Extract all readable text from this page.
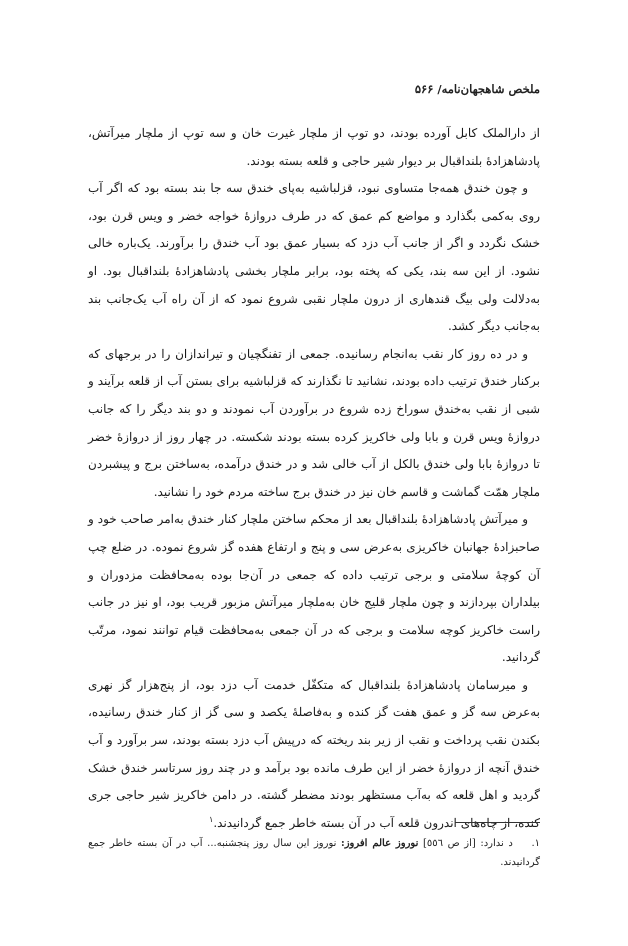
ملخص شاهجهان‌نامه/ ۵۶۶

از دارالملک کابل آورده بودند، دو توپ از ملچار غیرت خان و سه توپ از ملچار میرآتش، پادشاهزادهٔ بلنداقبال بر دیوار شیر حاجی و قلعه بسته بودند.

و چون خندق همه‌جا متساوی نبود، قزلباشیه به‌پای خندق سه جا بند بسته بود که اگر آب روی به‌کمی بگذارد و مواضع کم عمق که در طرف دروازهٔ خواجه خضر و ویس قرن بود، خشک نگردد و اگر از جانب آب دزد که بسیار عمق بود آب خندق را برآورند. یک‌باره خالی نشود. از این سه بند، یکی که پخته بود، برابر ملچار بخشی پادشاهزادهٔ بلنداقبال بود. او به‌دلالت ولی بیگ قندهاری از درون ملچار نقبی شروع نمود که از آن راه آب یک‌جانب بند به‌جانب دیگر کشد.

و در ده روز کار نقب به‌انجام رسانیده. جمعی از تفنگچیان و تیراندازان را در برجهای که برکنار خندق ترتیب داده بودند، نشانید تا نگذارند که قزلباشیه برای بستن آب از قلعه برآیند و شبی از نقب به‌خندق سوراخ زده شروع در برآوردن آب نمودند و دو بند دیگر را که جانب دروازهٔ ویس قرن و بابا ولی خاکریز کرده بسته بودند شکسته. در چهار روز از دروازهٔ خضر تا دروازهٔ بابا ولی خندق بالکل از آب خالی شد و در خندق درآمده، به‌ساختن برج و پیشبردن ملچار همّت گماشت و قاسم خان نیز در خندق برج ساخته مردم خود را نشانید.

و میرآتش پادشاهزادهٔ بلنداقبال بعد از محکم ساختن ملچار کنار خندق به‌امر صاحب خود و صاحبزادهٔ جهانبان خاکریزی به‌عرض سی و پنج و ارتفاع هفده گز شروع نموده. در ضلع چپ آن کوچهٔ سلامتی و برجی ترتیب داده که جمعی در آن‌جا بوده به‌محافظت مزدوران و بیلداران بپردازند و چون ملچار قلیج خان به‌ملچار میرآتش مزبور قریب بود، او نیز در جانب راست خاکریز کوچه سلامت و برجی که در آن جمعی به‌محافظت قیام توانند نمود، مرتّب گردانید.

و میرسامان پادشاهزادهٔ بلنداقبال که متکفّل خدمت آب دزد بود، از پنج‌هزار گز نهری به‌عرض سه گز و عمق هفت گز کنده و به‌فاصلهٔ یکصد و سی گز از کنار خندق رسانیده، بکندن نقب پرداخت و نقب از زیر بند ریخته که درپیش آب دزد بسته بودند، سر برآورد و آب خندق آنچه از دروازهٔ خضر از این طرف مانده بود برآمد و در چند روز سرتاسر خندق خشک گردید و اهل قلعه که به‌آب مستظهر بودند مضطر گشته. در دامن خاکریز شیر حاجی جری کنده، از چاه‌های اندرون قلعه آب در آن بسته خاطر جمع گردانیدند.$^۱$

۱. د ندارد: [از ص ٥٥٦] نوروز عالم افروز: نوروز این سال روز پنجشنبه... آب در آن بسته خاطر جمع گردانیدند.
